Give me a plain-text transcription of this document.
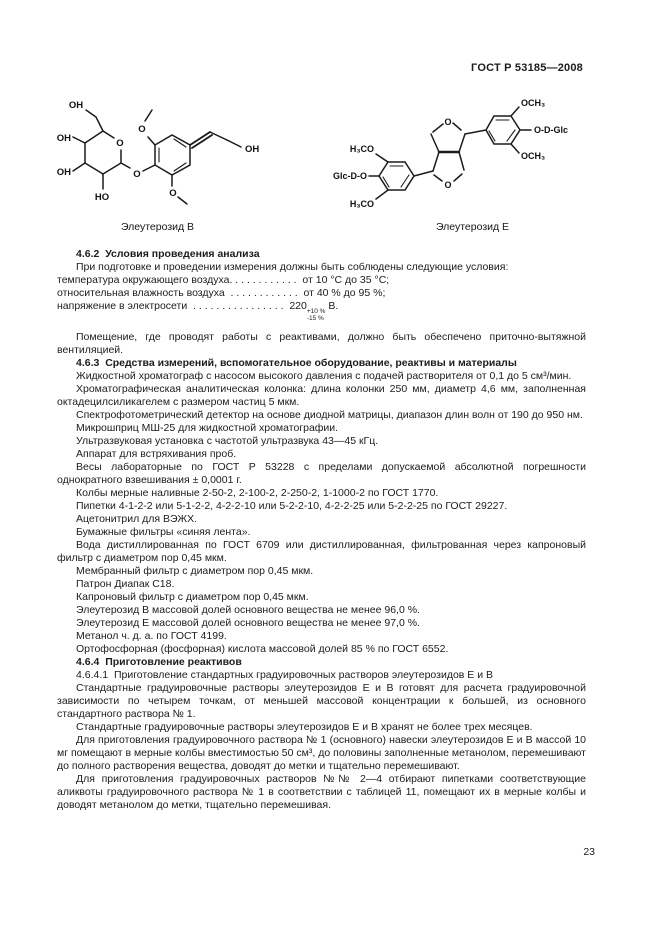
ГОСТ Р 53185—2008
OH
OH
OH
HO
O
O
O
O
OH	H₃CO
Glc-D-O
H₃CO
O
O
OCH₃
O-D-Glc
OCH₃
Элеутерозид В	Элеутерозид Е

4.6.2  Условия проведения анализа

При подготовке и проведении измерения должны быть соблюдены следующие условия:

температура окружающего воздуха. . . . . . . . . . . .  от 10 °С до 35 °С;

относительная влажность воздуха  . . . . . . . . . . . .  от 40 % до 95 %;

напряжение в электросети  . . . . . . . . . . . . . . . .  220 +10 %
-15 %
В.

Помещение, где проводят работы с реактивами, должно быть обеспечено приточно-вытяжной вентиляцией.

4.6.3  Средства измерений, вспомогательное оборудование, реактивы и материалы

Жидкостной хроматограф с насосом высокого давления с подачей растворителя от 0,1 до 5 см³/мин.

Хроматографическая аналитическая колонка: длина колонки 250 мм, диаметр 4,6 мм, заполненная октадецилсиликагелем с размером частиц 5 мкм.

Спектрофотометрический детектор на основе диодной матрицы, диапазон длин волн от 190 до 950 нм.

Микрошприц МШ-25 для жидкостной хроматографии.

Ультразвуковая установка с частотой ультразвука 43—45 кГц.

Аппарат для встряхивания проб.

Весы лабораторные по ГОСТ Р 53228 с пределами допускаемой абсолютной погрешности однократного взвешивания ± 0,0001 г.

Колбы мерные наливные 2-50-2, 2-100-2, 2-250-2, 1-1000-2 по ГОСТ 1770.

Пипетки 4-1-2-2 или 5-1-2-2, 4-2-2-10 или 5-2-2-10, 4-2-2-25 или 5-2-2-25 по ГОСТ 29227.

Ацетонитрил для ВЭЖХ.

Бумажные фильтры «синяя лента».

Вода дистиллированная по ГОСТ 6709 или дистиллированная, фильтрованная через капроновый фильтр с диаметром пор 0,45 мкм.

Мембранный фильтр с диаметром пор 0,45 мкм.

Патрон Диапак С18.

Капроновый фильтр с диаметром пор 0,45 мкм.

Элеутерозид В массовой долей основного вещества не менее 96,0 %.

Элеутерозид Е массовой долей основного вещества не менее 97,0 %.

Метанол ч. д. а. по ГОСТ 4199.

Ортофосфорная (фосфорная) кислота массовой долей 85 % по ГОСТ 6552.

4.6.4  Приготовление реактивов

4.6.4.1  Приготовление стандартных градуировочных растворов элеутерозидов Е и В

Стандартные градуировочные растворы элеутерозидов Е и В готовят для расчета градуировочной зависимости по четырем точкам, от меньшей массовой концентрации к большей, из основного стандартного раствора № 1.

Стандартные градуировочные растворы элеутерозидов Е и В хранят не более трех месяцев.

Для приготовления градуировочного раствора № 1 (основного) навески элеутерозидов Е и В массой 10 мг помещают в мерные колбы вместимостью 50 см³, до половины заполненные метанолом, перемешивают до полного растворения вещества, доводят до метки и тщательно перемешивают.

Для приготовления градуировочных растворов №№ 2—4 отбирают пипетками соответствующие аликвоты градуировочного раствора № 1 в соответствии с таблицей 11, помещают их в мерные колбы и доводят метанолом до метки, тщательно перемешивая.

23
